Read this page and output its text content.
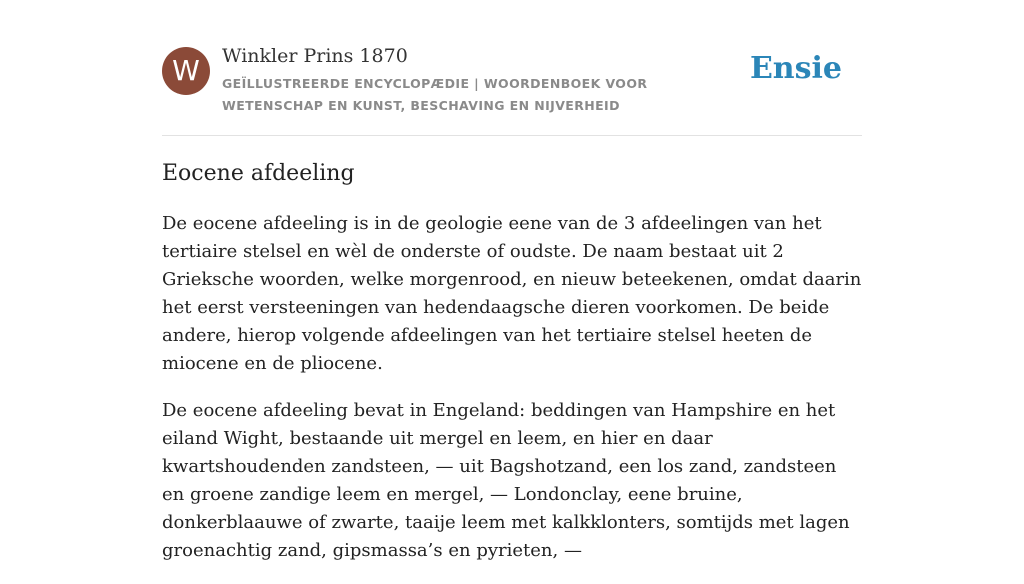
W	Winkler Prins 1870
GEÏLLUSTREERDE ENCYCLOPÆDIE | WOORDENBOEK VOOR WETENSCHAP EN KUNST, BESCHAVING EN NIJVERHEID
Ensie
Eocene afdeeling

De eocene afdeeling is in de geologie eene van de 3 afdeelingen van het tertiaire stelsel en wèl de onderste of oudste. De naam bestaat uit 2 Grieksche woorden, welke morgenrood, en nieuw beteekenen, omdat daarin het eerst versteeningen van hedendaagsche dieren voorkomen. De beide andere, hierop volgende afdeelingen van het tertiaire stelsel heeten de miocene en de pliocene.

De eocene afdeeling bevat in Engeland: beddingen van Hampshire en het eiland Wight, bestaande uit mergel en leem, en hier en daar kwartshoudenden zandsteen, — uit Bagshotzand, een los zand, zandsteen en groene zandige leem en mergel, — Londonclay, eene bruine, donkerblaauwe of zwarte, taaije leem met kalkklonters, somtijds met lagen groenachtig zand, gipsmassa’s en pyrieten, —
